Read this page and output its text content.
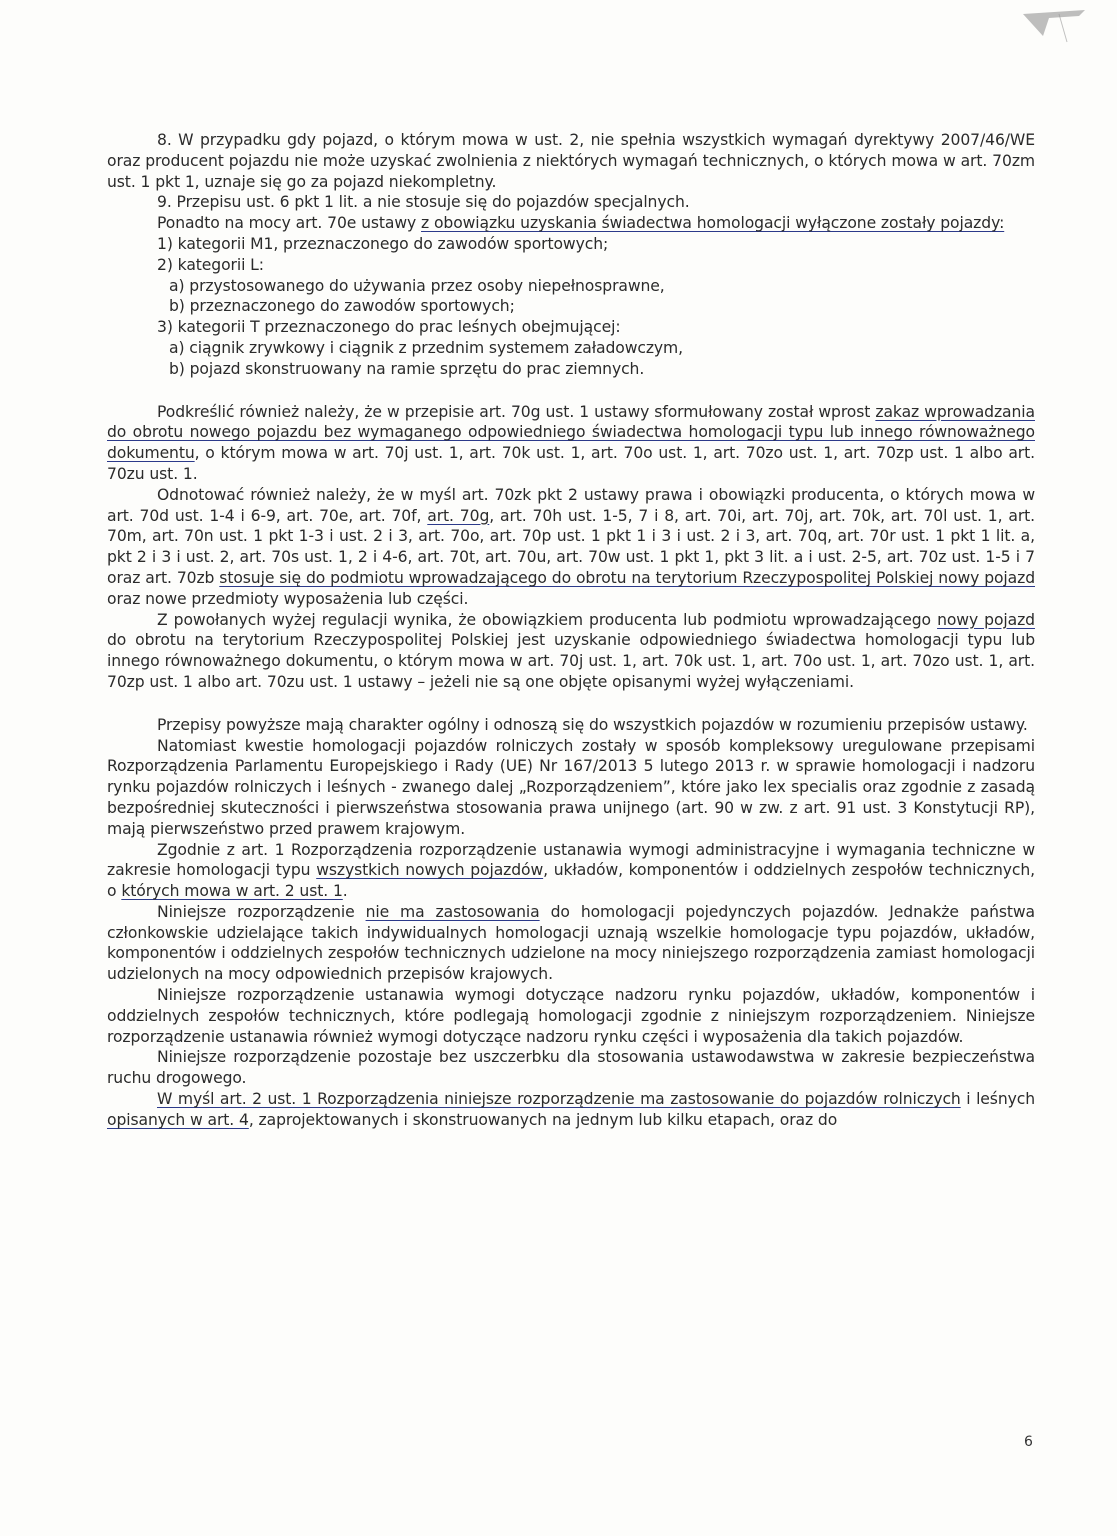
8. W przypadku gdy pojazd, o którym mowa w ust. 2, nie spełnia wszystkich wymagań dyrektywy 2007/46/WE oraz producent pojazdu nie może uzyskać zwolnienia z niektórych wymagań technicznych, o których mowa w art. 70zm ust. 1 pkt 1, uznaje się go za pojazd niekompletny.

9. Przepisu ust. 6 pkt 1 lit. a nie stosuje się do pojazdów specjalnych.

Ponadto na mocy art. 70e ustawy z obowiązku uzyskania świadectwa homologacji wyłączone zostały pojazdy:

1) kategorii M1, przeznaczonego do zawodów sportowych;

2) kategorii L:

a) przystosowanego do używania przez osoby niepełnosprawne,

b) przeznaczonego do zawodów sportowych;

3) kategorii T przeznaczonego do prac leśnych obejmującej:

a) ciągnik zrywkowy i ciągnik z przednim systemem załadowczym,

b) pojazd skonstruowany na ramie sprzętu do prac ziemnych.

Podkreślić również należy, że w przepisie art. 70g ust. 1 ustawy sformułowany został wprost zakaz wprowadzania do obrotu nowego pojazdu bez wymaganego odpowiedniego świadectwa homologacji typu lub innego równoważnego dokumentu, o którym mowa w art. 70j ust. 1, art. 70k ust. 1, art. 70o ust. 1, art. 70zo ust. 1, art. 70zp ust. 1 albo art. 70zu ust. 1.

Odnotować również należy, że w myśl art. 70zk pkt 2 ustawy prawa i obowiązki producenta, o których mowa w art. 70d ust. 1-4 i 6-9, art. 70e, art. 70f, art. 70g, art. 70h ust. 1-5, 7 i 8, art. 70i, art. 70j, art. 70k, art. 70l ust. 1, art. 70m, art. 70n ust. 1 pkt 1-3 i ust. 2 i 3, art. 70o, art. 70p ust. 1 pkt 1 i 3 i ust. 2 i 3, art. 70q, art. 70r ust. 1 pkt 1 lit. a, pkt 2 i 3 i ust. 2, art. 70s ust. 1, 2 i 4-6, art. 70t, art. 70u, art. 70w ust. 1 pkt 1, pkt 3 lit. a i ust. 2-5, art. 70z ust. 1-5 i 7 oraz art. 70zb stosuje się do podmiotu wprowadzającego do obrotu na terytorium Rzeczypospolitej Polskiej nowy pojazd oraz nowe przedmioty wyposażenia lub części.

Z powołanych wyżej regulacji wynika, że obowiązkiem producenta lub podmiotu wprowadzającego nowy pojazd do obrotu na terytorium Rzeczypospolitej Polskiej jest uzyskanie odpowiedniego świadectwa homologacji typu lub innego równoważnego dokumentu, o którym mowa w art. 70j ust. 1, art. 70k ust. 1, art. 70o ust. 1, art. 70zo ust. 1, art. 70zp ust. 1 albo art. 70zu ust. 1 ustawy – jeżeli nie są one objęte opisanymi wyżej wyłączeniami.

Przepisy powyższe mają charakter ogólny i odnoszą się do wszystkich pojazdów w rozumieniu przepisów ustawy.

Natomiast kwestie homologacji pojazdów rolniczych zostały w sposób kompleksowy uregulowane przepisami Rozporządzenia Parlamentu Europejskiego i Rady (UE) Nr 167/2013 5 lutego 2013 r. w sprawie homologacji i nadzoru rynku pojazdów rolniczych i leśnych - zwanego dalej „Rozporządzeniem”, które jako lex specialis oraz zgodnie z zasadą bezpośredniej skuteczności i pierwszeństwa stosowania prawa unijnego (art. 90 w zw. z art. 91 ust. 3 Konstytucji RP), mają pierwszeństwo przed prawem krajowym.

Zgodnie z art. 1 Rozporządzenia rozporządzenie ustanawia wymogi administracyjne i wymagania techniczne w zakresie homologacji typu wszystkich nowych pojazdów, układów, komponentów i oddzielnych zespołów technicznych, o których mowa w art. 2 ust. 1.

Niniejsze rozporządzenie nie ma zastosowania do homologacji pojedynczych pojazdów. Jednakże państwa członkowskie udzielające takich indywidualnych homologacji uznają wszelkie homologacje typu pojazdów, układów, komponentów i oddzielnych zespołów technicznych udzielone na mocy niniejszego rozporządzenia zamiast homologacji udzielonych na mocy odpowiednich przepisów krajowych.

Niniejsze rozporządzenie ustanawia wymogi dotyczące nadzoru rynku pojazdów, układów, komponentów i oddzielnych zespołów technicznych, które podlegają homologacji zgodnie z niniejszym rozporządzeniem. Niniejsze rozporządzenie ustanawia również wymogi dotyczące nadzoru rynku części i wyposażenia dla takich pojazdów.

Niniejsze rozporządzenie pozostaje bez uszczerbku dla stosowania ustawodawstwa w zakresie bezpieczeństwa ruchu drogowego.

W myśl art. 2 ust. 1 Rozporządzenia niniejsze rozporządzenie ma zastosowanie do pojazdów rolniczych i leśnych opisanych w art. 4, zaprojektowanych i skonstruowanych na jednym lub kilku etapach, oraz do

6
